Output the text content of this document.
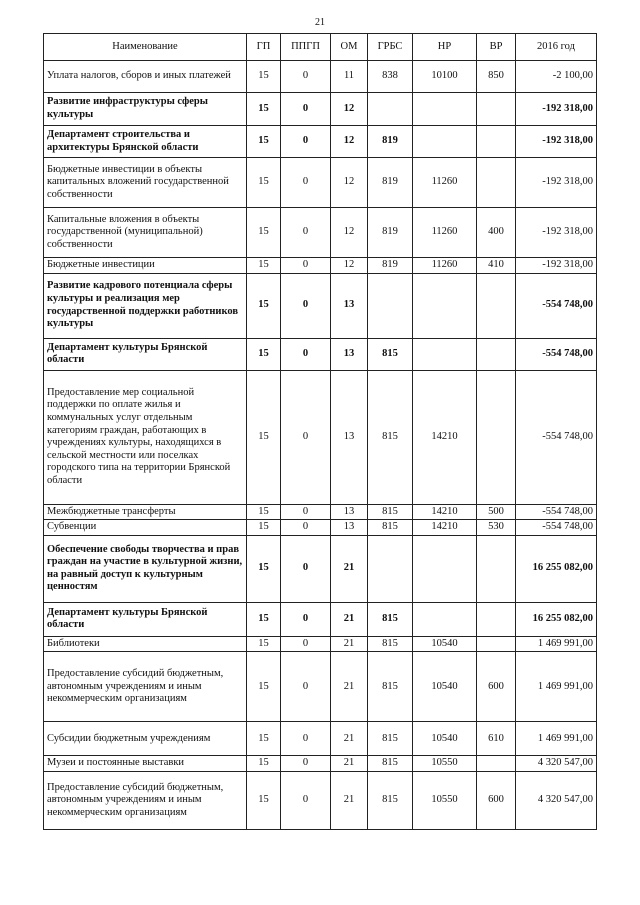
21
Наименование	ГП	ППГП	ОМ	ГРБС	НР	ВР	2016 год
Уплата налогов, сборов и иных платежей	15	0	11	838	10100	850	-2 100,00
Развитие инфраструктуры сферы культуры	15	0	12				-192 318,00
Департамент строительства и архитектуры Брянской области	15	0	12	819			-192 318,00
Бюджетные инвестиции в объекты капитальных вложений государственной собственности	15	0	12	819	11260		-192 318,00
Капитальные вложения в объекты государственной (муниципальной) собственности	15	0	12	819	11260	400	-192 318,00
Бюджетные инвестиции	15	0	12	819	11260	410	-192 318,00
Развитие кадрового потенциала сферы культуры и реализация мер государственной поддержки работников культуры	15	0	13				-554 748,00
Департамент культуры Брянской области	15	0	13	815			-554 748,00
Предоставление мер социальной поддержки по оплате жилья и коммунальных услуг отдельным категориям граждан, работающих в учреждениях культуры, находящихся в сельской местности или поселках городского типа на территории Брянской области	15	0	13	815	14210		-554 748,00
Межбюджетные трансферты	15	0	13	815	14210	500	-554 748,00
Субвенции	15	0	13	815	14210	530	-554 748,00
Обеспечение свободы творчества и прав граждан на участие в культурной жизни, на равный доступ к культурным ценностям	15	0	21				16 255 082,00
Департамент культуры Брянской области	15	0	21	815			16 255 082,00
Библиотеки	15	0	21	815	10540		1 469 991,00
Предоставление субсидий бюджетным, автономным учреждениям и иным некоммерческим организациям	15	0	21	815	10540	600	1 469 991,00
Субсидии бюджетным учреждениям	15	0	21	815	10540	610	1 469 991,00
Музеи и постоянные выставки	15	0	21	815	10550		4 320 547,00
Предоставление субсидий бюджетным, автономным учреждениям и иным некоммерческим организациям	15	0	21	815	10550	600	4 320 547,00
